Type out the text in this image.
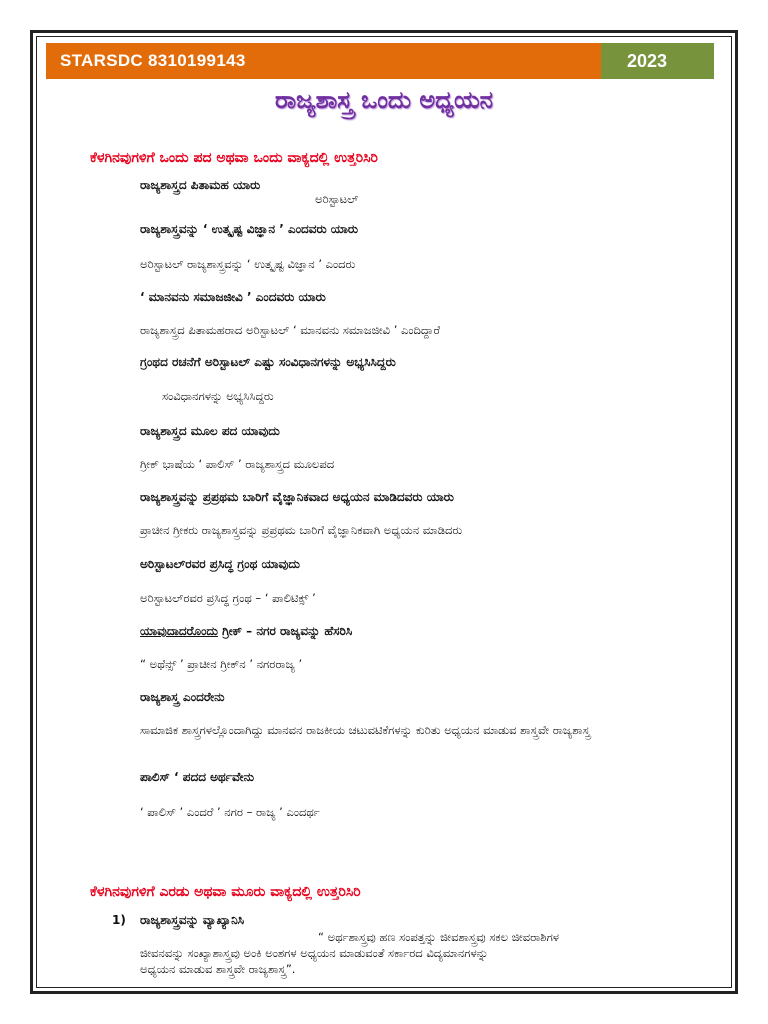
STARSDC 8310199143	2023
ರಾಜ್ಯಶಾಸ್ತ್ರ ಒಂದು ಅಧ್ಯಯನ
ಕೆಳಗಿನವುಗಳಿಗೆ ಒಂದು ಪದ ಅಥವಾ ಒಂದು ವಾಕ್ಯದಲ್ಲಿ ಉತ್ತರಿಸಿರಿ
ರಾಜ್ಯಶಾಸ್ತ್ರದ ಪಿತಾಮಹ ಯಾರು
ಅರಿಸ್ಟಾಟಲ್
ರಾಜ್ಯಶಾಸ್ತ್ರವನ್ನು ‘ ಉತ್ಕೃಷ್ಟ ವಿಜ್ಞಾನ ’ ಎಂದವರು ಯಾರು
ಅರಿಸ್ಟಾಟಲ್ ರಾಜ್ಯಶಾಸ್ತ್ರವನ್ನು ‘ ಉತ್ಕೃಷ್ಟ ವಿಜ್ಞಾನ ’ ಎಂದರು
‘ ಮಾನವನು ಸಮಾಜಜೀವಿ ’ ಎಂದವರು ಯಾರು
ರಾಜ್ಯಶಾಸ್ತ್ರದ ಪಿತಾಮಹರಾದ ಅರಿಸ್ಟಾಟಲ್ ‘ ಮಾನವನು ಸಮಾಜಜೀವಿ ’ ಎಂದಿದ್ದಾರೆ
ಗ್ರಂಥದ ರಚನೆಗೆ ಅರಿಸ್ಟಾಟಲ್ ಎಷ್ಟು ಸಂವಿಧಾನಗಳನ್ನು ಅಭ್ಯಸಿಸಿದ್ದರು
ಸಂವಿಧಾನಗಳನ್ನು ಅಭ್ಯಸಿಸಿದ್ದರು
ರಾಜ್ಯಶಾಸ್ತ್ರದ ಮೂಲ ಪದ ಯಾವುದು
ಗ್ರೀಕ್ ಭಾಷೆಯ ‘ ಪಾಲಿಸ್ ’ ರಾಜ್ಯಶಾಸ್ತ್ರದ ಮೂಲಪದ
ರಾಜ್ಯಶಾಸ್ತ್ರವನ್ನು ಪ್ರಪ್ರಥಮ ಬಾರಿಗೆ ವೈಜ್ಞಾನಿಕವಾದ ಅಧ್ಯಯನ ಮಾಡಿದವರು ಯಾರು
ಪ್ರಾಚೀನ ಗ್ರೀಕರು ರಾಜ್ಯಶಾಸ್ತ್ರವನ್ನು ಪ್ರಪ್ರಥಮ ಬಾರಿಗೆ ವೈಜ್ಞಾನಿಕವಾಗಿ ಅಧ್ಯಯನ ಮಾಡಿದರು
ಅರಿಸ್ಟಾಟಲ್‌ರವರ ಪ್ರಸಿದ್ಧ ಗ್ರಂಥ ಯಾವುದು
ಅರಿಸ್ಟಾಟಲ್‌ರವರ ಪ್ರಸಿದ್ಧ ಗ್ರಂಥ – ‘ ಪಾಲಿಟಿಕ್ಸ್ ’
ಯಾವುದಾದರೊಂದು ಗ್ರೀಕ್ – ನಗರ ರಾಜ್ಯವನ್ನು ಹೆಸರಿಸಿ
“ ಅಥೆನ್ಸ್ ’ ಪ್ರಾಚೀನ ಗ್ರೀಕ್‌ನ ’ ನಗರರಾಜ್ಯ ’
ರಾಜ್ಯಶಾಸ್ತ್ರ ಎಂದರೇನು
ಸಾಮಾಜಿಕ ಶಾಸ್ತ್ರಗಳಲ್ಲೊಂದಾಗಿದ್ದು ಮಾನವನ ರಾಜಕೀಯ ಚಟುವಟಿಕೆಗಳನ್ನು ಕುರಿತು ಅಧ್ಯಯನ ಮಾಡುವ ಶಾಸ್ತ್ರವೇ ರಾಜ್ಯಶಾಸ್ತ್ರ
ಪಾಲಿಸ್ ‘ ಪದದ ಅರ್ಥವೇನು
‘ ಪಾಲಿಸ್ ’ ಎಂದರೆ ’ ನಗರ – ರಾಜ್ಯ ’ ಎಂದರ್ಥ
ಕೆಳಗಿನವುಗಳಿಗೆ ಎರಡು ಅಥವಾ ಮೂರು ವಾಕ್ಯದಲ್ಲಿ ಉತ್ತರಿಸಿರಿ
1) ರಾಜ್ಯಶಾಸ್ತ್ರವನ್ನು ವ್ಯಾಖ್ಯಾನಿಸಿ
“ ಅರ್ಥಶಾಸ್ತ್ರವು ಹಣ ಸಂಪತ್ತನ್ನು ಜೀವಶಾಸ್ತ್ರವು ಸಕಲ ಜೀವರಾಶಿಗಳ
ಜೀವನವನ್ನು ಸಂಖ್ಯಾಶಾಸ್ತ್ರವು ಅಂಕಿ ಅಂಶಗಳ ಅಧ್ಯಯನ ಮಾಡುವಂತೆ ಸರ್ಕಾರದ ವಿದ್ಯಮಾನಗಳನ್ನು
ಅಧ್ಯಯನ ಮಾಡುವ ಶಾಸ್ತ್ರವೇ ರಾಜ್ಯಶಾಸ್ತ್ರ”.
